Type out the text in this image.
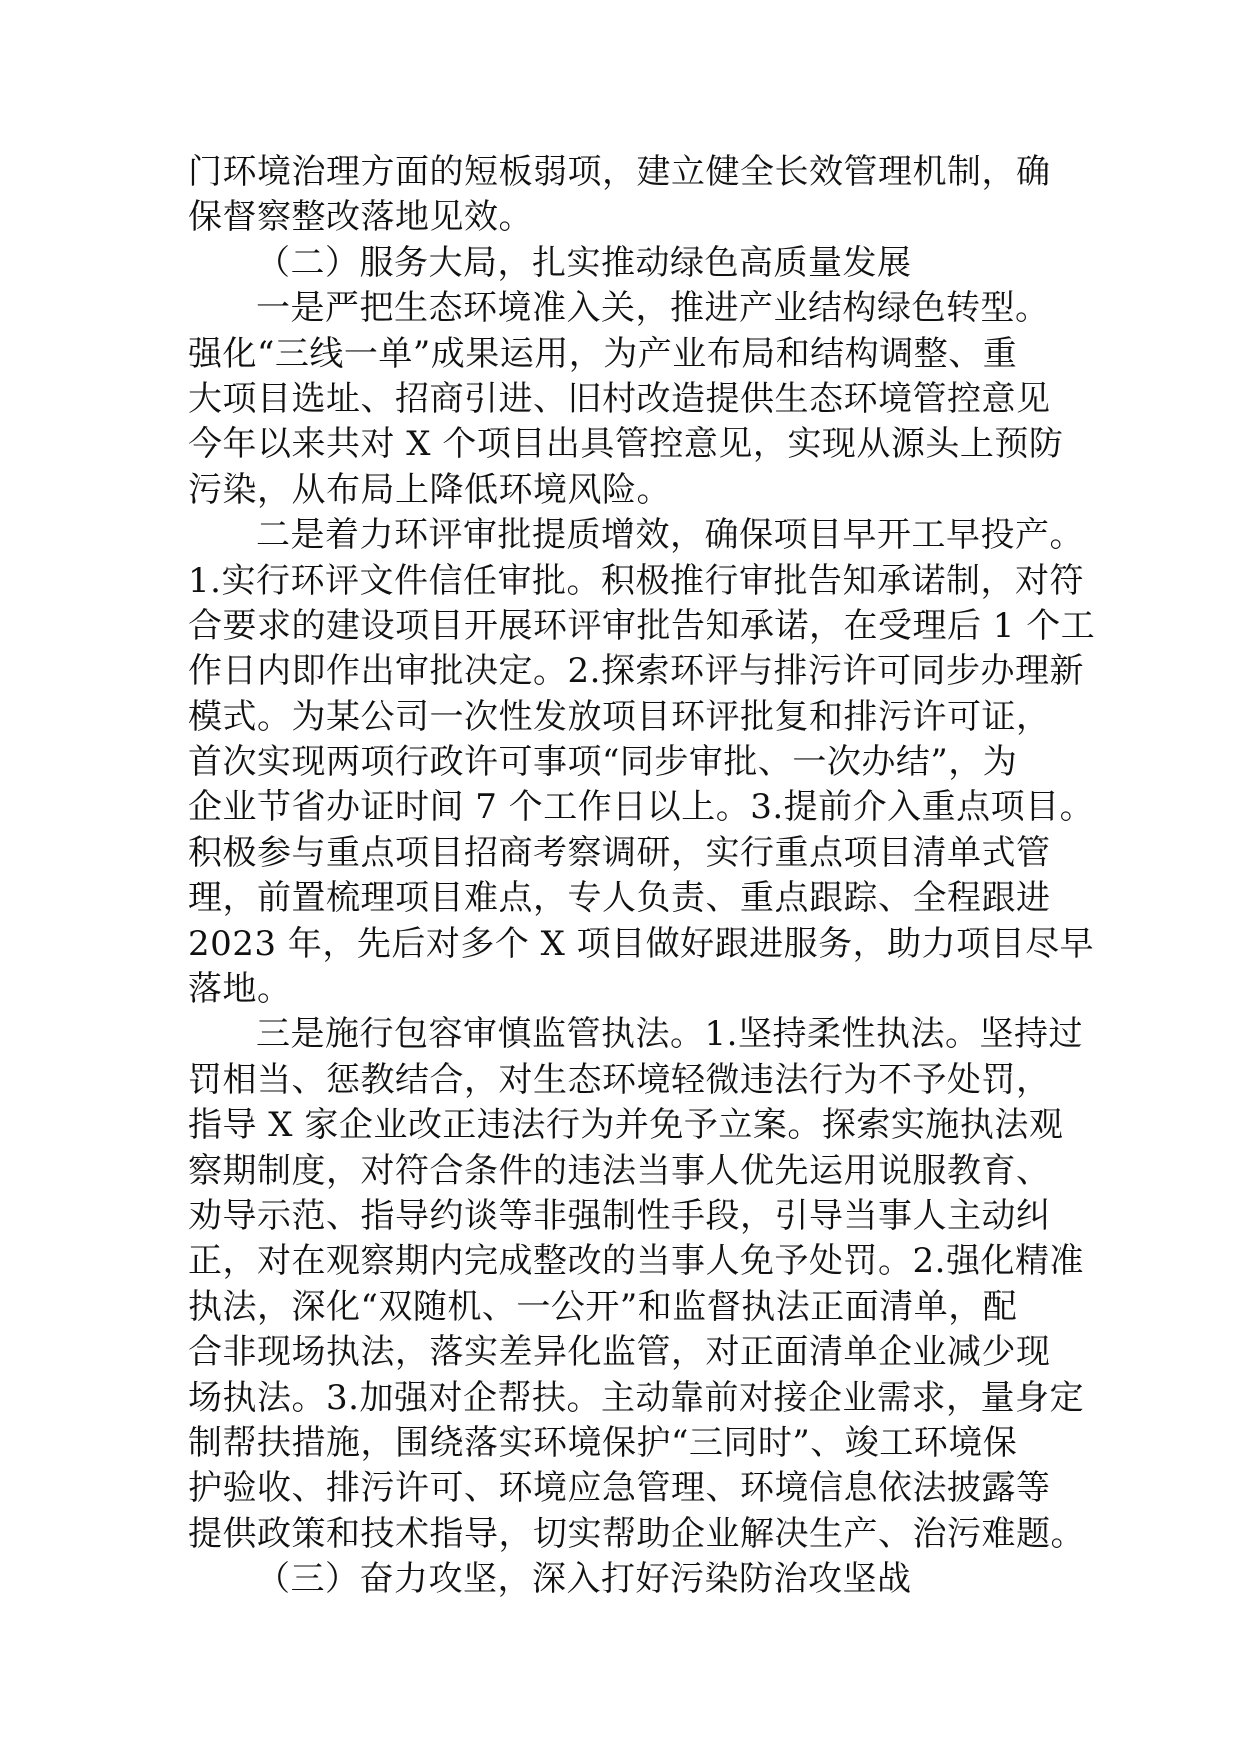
门环境治理方面的短板弱项，建立健全长效管理机制，确
保督察整改落地见效。
（二）服务大局，扎实推动绿色高质量发展
一是严把生态环境准入关，推进产业结构绿色转型。
强化“三线一单”成果运用，为产业布局和结构调整、重
大项目选址、招商引进、旧村改造提供生态环境管控意见
今年以来共对 X 个项目出具管控意见，实现从源头上预防
污染，从布局上降低环境风险。
二是着力环评审批提质增效，确保项目早开工早投产。
1.实行环评文件信任审批。积极推行审批告知承诺制，对符
合要求的建设项目开展环评审批告知承诺，在受理后 1 个工
作日内即作出审批决定。2.探索环评与排污许可同步办理新
模式。为某公司一次性发放项目环评批复和排污许可证，
首次实现两项行政许可事项“同步审批、一次办结”，为
企业节省办证时间 7 个工作日以上。3.提前介入重点项目。
积极参与重点项目招商考察调研，实行重点项目清单式管
理，前置梳理项目难点，专人负责、重点跟踪、全程跟进
2023 年，先后对多个 X 项目做好跟进服务，助力项目尽早
落地。
三是施行包容审慎监管执法。1.坚持柔性执法。坚持过
罚相当、惩教结合，对生态环境轻微违法行为不予处罚，
指导 X 家企业改正违法行为并免予立案。探索实施执法观
察期制度，对符合条件的违法当事人优先运用说服教育、
劝导示范、指导约谈等非强制性手段，引导当事人主动纠
正，对在观察期内完成整改的当事人免予处罚。2.强化精准
执法，深化“双随机、一公开”和监督执法正面清单，配
合非现场执法，落实差异化监管，对正面清单企业减少现
场执法。3.加强对企帮扶。主动靠前对接企业需求，量身定
制帮扶措施，围绕落实环境保护“三同时”、竣工环境保
护验收、排污许可、环境应急管理、环境信息依法披露等
提供政策和技术指导，切实帮助企业解决生产、治污难题。
（三）奋力攻坚，深入打好污染防治攻坚战
